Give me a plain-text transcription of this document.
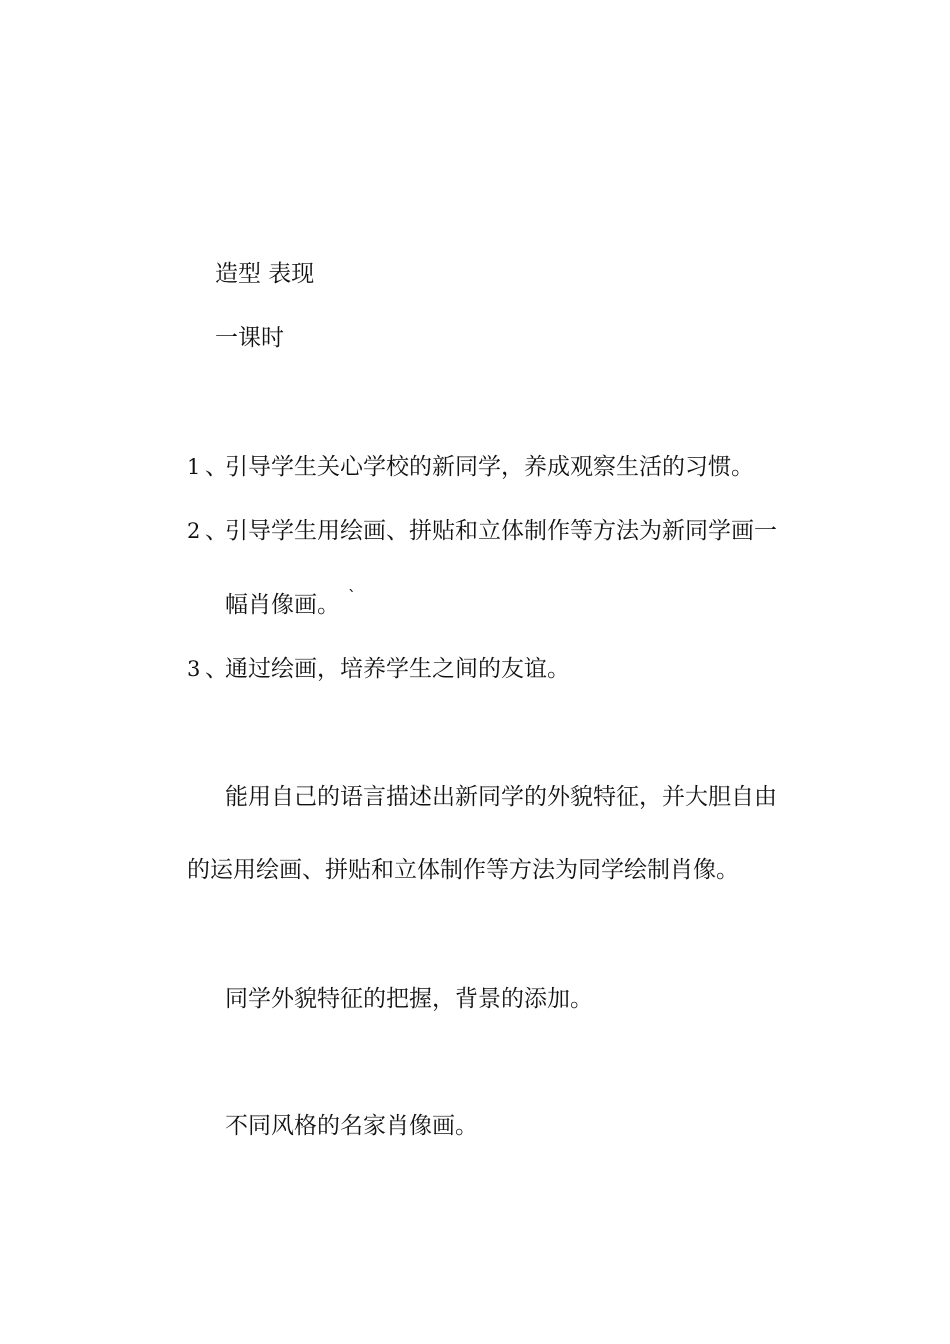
造型 表现
一课时
1 、引导学生关心学校的新同学，养成观察生活的习惯。
2 、引导学生用绘画、拼贴和立体制作等方法为新同学画一
幅肖像画。 `
3 、通过绘画，培养学生之间的友谊。
能用自己的语言描述出新同学的外貌特征，并大胆自由
的运用绘画、拼贴和立体制作等方法为同学绘制肖像。
同学外貌特征的把握，背景的添加。
不同风格的名家肖像画。
